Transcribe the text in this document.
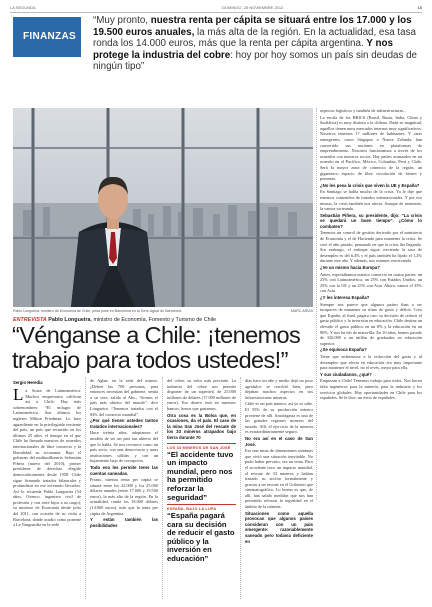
LA SEGUNDA	DOMINGO, 25 NOVIEMBRE 2012	18
FINANZAS
“Muy pronto, nuestra renta per cápita se situará entre los 17.000 y los 19.500 euros anuales, la más alta de la región. En la actualidad, esa tasa ronda los 14.000 euros, más que la renta per cápita argentina. Y nos protege la industria del cobre: hoy por hoy somos un país sin deudas de ningún tipo”
Pablo Longueira, ministro de Economía de Chile, pesa pose en Barcelona en la Torre Agbar de Barcelona	MARC ARIAS

aspectos logísticos y también de infraestructuras...

La escala de los BRICS (Brasil, Rusia, India, China y Sudáfrica) es muy distinta a la chilena. Dada su magnitud, aquellos tienen unos mercados internos muy significativos. Nosotros tenemos 17 millones de habitantes. Y otras emergentes, como Singapur o Nueva Zelanda, han convertido sus naciones en plataformas de emprendimiento. Nosotros funcionamos a través de los acuerdos con nuestros socios. Hay países avanzados en un acuerdo en el Pacífico, México, Colombia, Perú y Chile. Será la mayor zona de comercio de la región, un gigantesco espacio de libre circulación de bienes y personas.

¿No les pesa la crisis que viven la UE y España?

En Santiago se habla mucho de la crisis. Ya le dije que tenemos contenidos de tratados internacionales. Y por eso mismo, la crisis también nos afecta. Aunque de momento, la vamos sorteando.

Sebastián Piñera, su presidente, dijo: “La crisis se quedará un buen tiempo”. ¿Cómo lo combaten?

Tenemos un control de gestión derivado por el ministerio de Economía y el de Hacienda para mantener la crisis. Se creó el año pasado, pensando en que la crisis iba llegando. Sin embargo, el enfoque sigue creciendo la tasa de desempleo es del 6,4% y el país también ha fijado el 1,2% durante este año. Y además, nos estamos reactivando.

¿Ve un mismo hacia Europa?

Antes, exportábamos nuestro comercio en cuatro partes: un 25% con Latinoamérica, un 25% con Estados Unidos, un 25% con la UE y un 25% con Asia. Ahora, vamos el 35% con Asia.

¿Y les interesa España?

Siempre nos parece que algunos países iban a ser incapaces de mantener su ritmo de gasto y déficit. Creo que España, al final, pagara caro su decisión de reducir el gasto público y la inversión en educación. Chile destina un elevado el gasto público en un 8% y la educación en un 80%. Y nos ha ido de maravilla. En 10 años, hemos pasado de 320.000 a un millón de graduados en educación superior.

¿Se equivoca España?

Tiene que enfrentarse a la reducción del gasto y al desempleo que afecta en educación era muy importante para mantener el nivel, no el revés, mejor para ella.

Y sus ciudadanos, ¿qué?

Empiezan a Chile! Tenemos trabajo para todos. Nos hacen falta ingenieros para la minería, para la industria y los servicios globales. Hay oportunidades en Chile para los españoles. Se le dice: un éxito de españoles.

ENTREVISTA Pablo Longueira, ministro de Economía, Fomento y Turismo de Chile
“Vénganse a Chile: ¡tenemos
trabajo para todos ustedes!”
Sergio Heredia

La Suiza de Latinoamérica. Muchos empresarios califican así a Chile. Hay más sobrenombres: “El milagro de Latinoamérica. Son últimos los ingleses Milton Friedman. Lo hizo aguardiente en la privilegiada vertiente del país, un país que recurrido en los últimos 25 años, el tiempo en el que Chile ha firmado nuestros de acuerdos internacionales de libre comercio y la liberalidad su economía. Bajo el gobierno del multimillonario Sebastián Piñera (nuevo del 2010), primer presidente de derechas elegido democráticamente desde 1958. Chile sigue firmando tratados bilaterales y profundizar en ese escenario llevarlos. Así lo recuerda Pablo Longueira (54 años, Ovenco, ingeniero civil de profesión y con siete hijos a su cargo), su ministro de Economía desde julio del 2011, con ocasión de su visita a Barcelona, donde acudió como ponente a La Vanguardia en la sede

de Agbar, en la sede del mismo. ¿Deben las 700 personas, para entonces necesitan del gabinete, sentía a su vera, salida al Abs., “Somos el país más abierto del mundo”, dice Longueira. “Tenemos tratados con el 84% del comercio mundial”.

¿Por qué tienen ustedes tantos tratados internacionales?

Hace treinta años, adoptamos el modelo de ser un país tan abierto del que lo habla. Se nos reconoce como un país serio, con una democracia y unas instituciones sólidas y con un hojamiento bajo de corrupción.

Todo eso les permite tener las cuentas saneadas.

Pronto, nuestra renta per cápita se situará entre los 22.000 y los 25.000 dólares anuales (entre 17.000 y 19.500 euros), la más alta de la región. En la actualidad, ronda los 18.000 dólares (14.000 euros), más que la renta per cápita de Argentina.

Y están también las posibilidades

del cobre, su valor más preciado. La industria del cobre nos permite disponer de un superávit de 25.000 millones de dólares (17.000 millones de euros). Ese dinero está en nuestros bancos, bonos que gastamos.

Otra cosa es la Bolsa que, en ocasiones, da el país. El caso de la mina San José del rescate de los 33 mineros atrapados bajo tierra durante 70

LOS 33 MINEROS DE SAN JOSÉ
“El accidente tuvo un impacto mundial, pero nos ha permitido reforzar la seguridad”
ESPAÑA, BAJO LA LUPA
“España pagará cara su decisión de reducir el gasto público y la inversión en educación”

días hace un año y medio dejó un poso agridulce: se resolvió bien, pero dejaban muchos aspectos en sus infraestructuras mineras.

Chile es un país minero, así yo se sabe. El 55% de su producción interior proviene de allí. Antofagasta es una de las grandes regiones mineras del mundo. Allí, el ejercicio de la minería es extraordinariamente seguro.

No era así en el caso de San José.

Era una mina de dimensiones mínimas que vivió una situación inevitable. No pudo haber previsto, era un tema. Pero el accidente tuvo un impacto mundial, el rescate de 33 mineros y habían trazado su acción formalmente y gracias a un rescate en el Gobierno que cinematográfico. Lo bueno es que, de allí, han salido medidas que nos han permitido reforzar la seguridad en el ámbito de la minería.

Situaciones como aquella provocan que algunos países consideran con un país emergente: razonablemente saneado pero todavía deficiente en
